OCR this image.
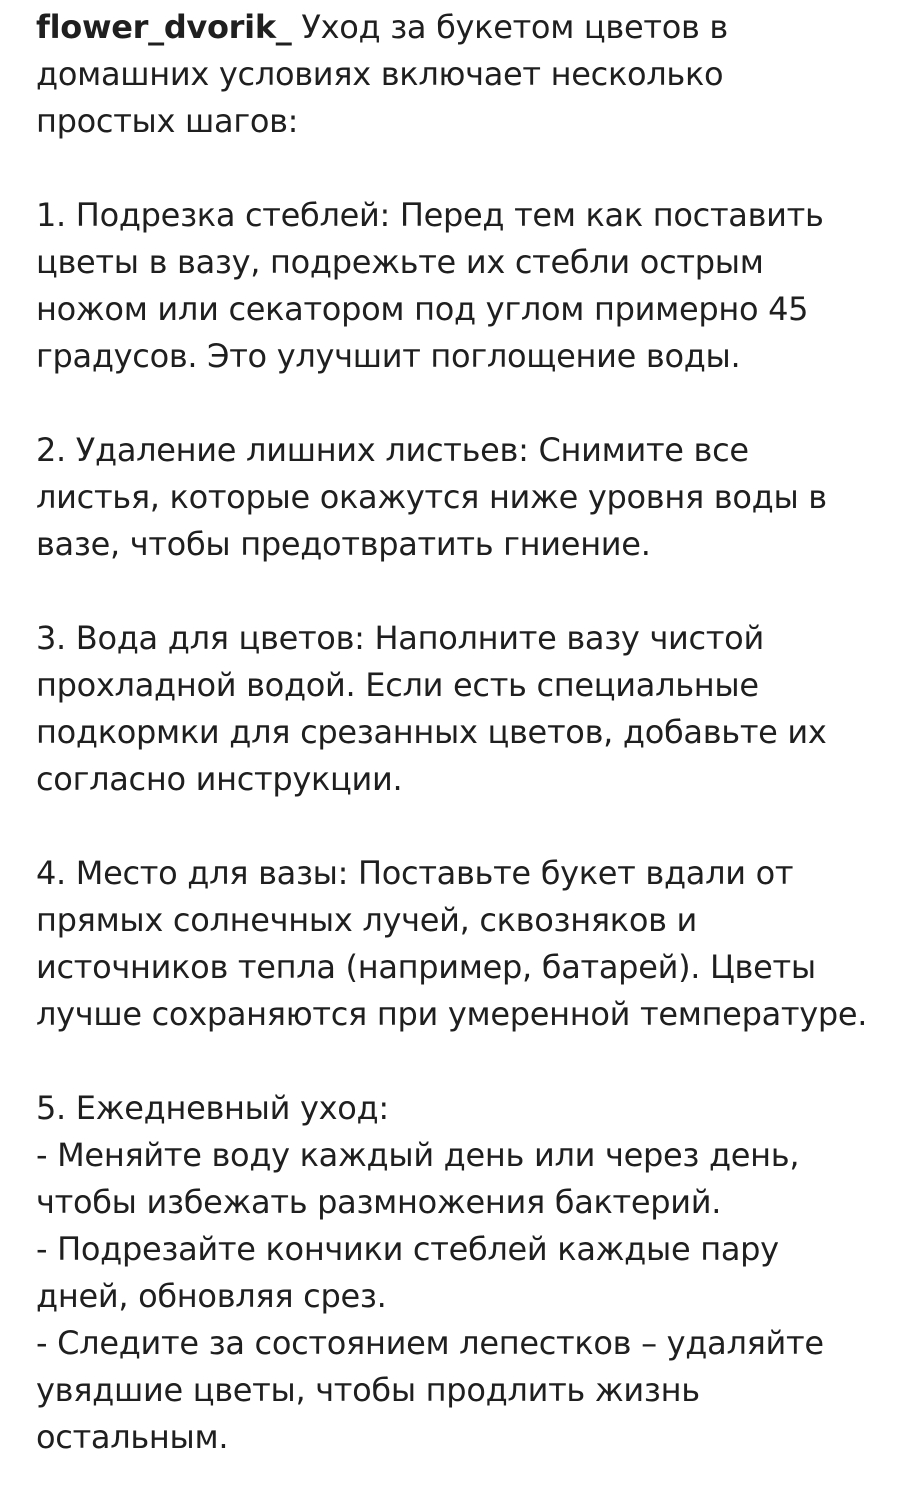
flower_dvorik_ Уход за букетом цветов в домашних условиях включает несколько простых шагов:

1. Подрезка стеблей: Перед тем как поставить цветы в вазу, подрежьте их стебли острым ножом или секатором под углом примерно 45 градусов. Это улучшит поглощение воды.

2. Удаление лишних листьев: Снимите все листья, которые окажутся ниже уровня воды в вазе, чтобы предотвратить гниение.

3. Вода для цветов: Наполните вазу чистой прохладной водой. Если есть специальные подкормки для срезанных цветов, добавьте их согласно инструкции.

4. Место для вазы: Поставьте букет вдали от прямых солнечных лучей, сквозняков и источников тепла (например, батарей). Цветы лучше сохраняются при умеренной температуре.

5. Ежедневный уход:

- Меняйте воду каждый день или через день, чтобы избежать размножения бактерий.

- Подрезайте кончики стеблей каждые пару дней, обновляя срез.

- Следите за состоянием лепестков – удаляйте увядшие цветы, чтобы продлить жизнь остальным.
